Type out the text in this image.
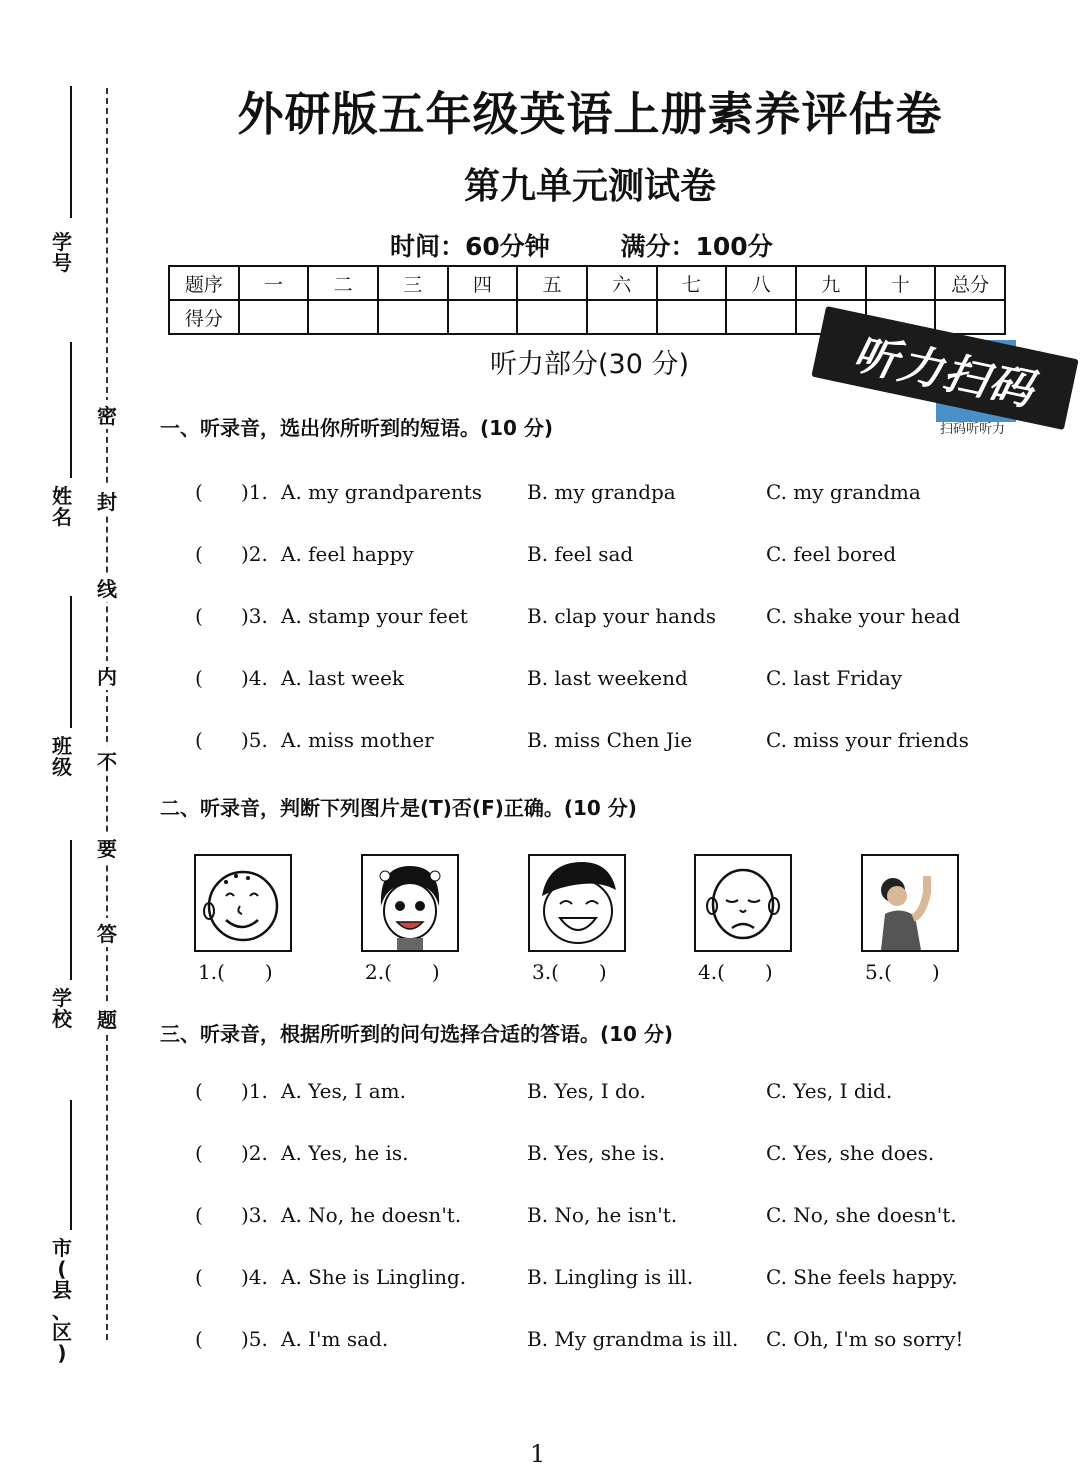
学
号
姓
名
班
级
学
校
市
(
县
、
区
)
密
封
线
内
不
要
答
题
外研版五年级英语上册素养评估卷
第九单元测试卷
时间：60分钟	满分：100分
题序	一	二	三	四	五	六	七	八	九	十	总分
得分											
听力部分(30 分)	听力扫码
扫码听听力
一、听录音，选出你所听到的短语。(10 分)
( )1. A. my grandparents B. my grandpa	C. my grandma
( )2. A. feel happy	B. feel sad	C. feel bored
( )3. A. stamp your feet	B. clap your hands	C. shake your head
( )4. A. last week	B. last weekend	C. last Friday
( )5. A. miss mother	B. miss Chen Jie	C. miss your friends
二、听录音，判断下列图片是(T)否(F)正确。(10 分)
1.(　　)	2.(　　)	3.(　　)	4.(　　)	5.(　　)
三、听录音，根据所听到的问句选择合适的答语。(10 分)
( )1. A. Yes, I am.	B. Yes, I do.	C. Yes, I did.
( )2. A. Yes, he is.	B. Yes, she is.	C. Yes, she does.
( )3. A. No, he doesn't.	B. No, he isn't.	C. No, she doesn't.
( )4. A. She is Lingling.	B. Lingling is ill.	C. She feels happy.
( )5. A. I'm sad.	B. My grandma is ill. C. Oh, I'm so sorry!
1
